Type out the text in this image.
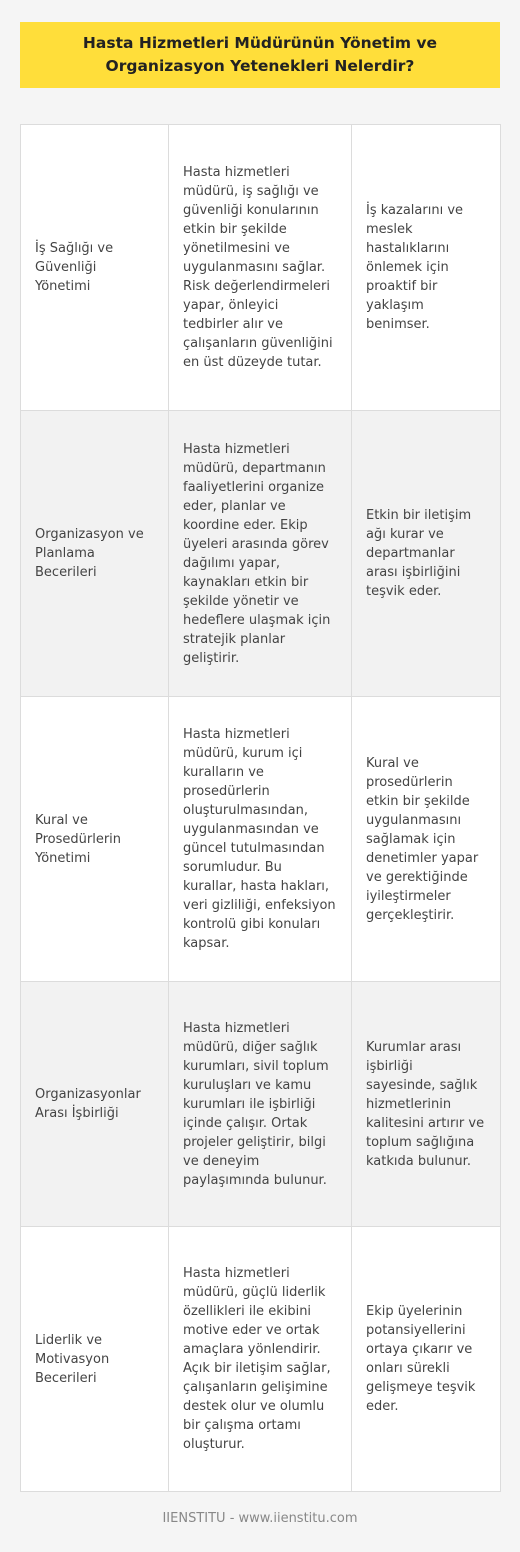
Hasta Hizmetleri Müdürünün Yönetim ve Organizasyon Yetenekleri Nelerdir?
İş Sağlığı ve Güvenliği Yönetimi	Hasta hizmetleri müdürü, iş sağlığı ve güvenliği konularının etkin bir şekilde yönetilmesini ve uygulanmasını sağlar. Risk değerlendirmeleri yapar, önleyici tedbirler alır ve çalışanların güvenliğini en üst düzeyde tutar.	İş kazalarını ve meslek hastalıklarını önlemek için proaktif bir yaklaşım benimser.
Organizasyon ve Planlama Becerileri	Hasta hizmetleri müdürü, departmanın faaliyetlerini organize eder, planlar ve koordine eder. Ekip üyeleri arasında görev dağılımı yapar, kaynakları etkin bir şekilde yönetir ve hedeflere ulaşmak için stratejik planlar geliştirir.	Etkin bir iletişim ağı kurar ve departmanlar arası işbirliğini teşvik eder.
Kural ve Prosedürlerin Yönetimi	Hasta hizmetleri müdürü, kurum içi kuralların ve prosedürlerin oluşturulmasından, uygulanmasından ve güncel tutulmasından sorumludur. Bu kurallar, hasta hakları, veri gizliliği, enfeksiyon kontrolü gibi konuları kapsar.	Kural ve prosedürlerin etkin bir şekilde uygulanmasını sağlamak için denetimler yapar ve gerektiğinde iyileştirmeler gerçekleştirir.
Organizasyonlar Arası İşbirliği	Hasta hizmetleri müdürü, diğer sağlık kurumları, sivil toplum kuruluşları ve kamu kurumları ile işbirliği içinde çalışır. Ortak projeler geliştirir, bilgi ve deneyim paylaşımında bulunur.	Kurumlar arası işbirliği sayesinde, sağlık hizmetlerinin kalitesini artırır ve toplum sağlığına katkıda bulunur.
Liderlik ve Motivasyon Becerileri	Hasta hizmetleri müdürü, güçlü liderlik özellikleri ile ekibini motive eder ve ortak amaçlara yönlendirir. Açık bir iletişim sağlar, çalışanların gelişimine destek olur ve olumlu bir çalışma ortamı oluşturur.	Ekip üyelerinin potansiyellerini ortaya çıkarır ve onları sürekli gelişmeye teşvik eder.
IIENSTITU - www.iienstitu.com
